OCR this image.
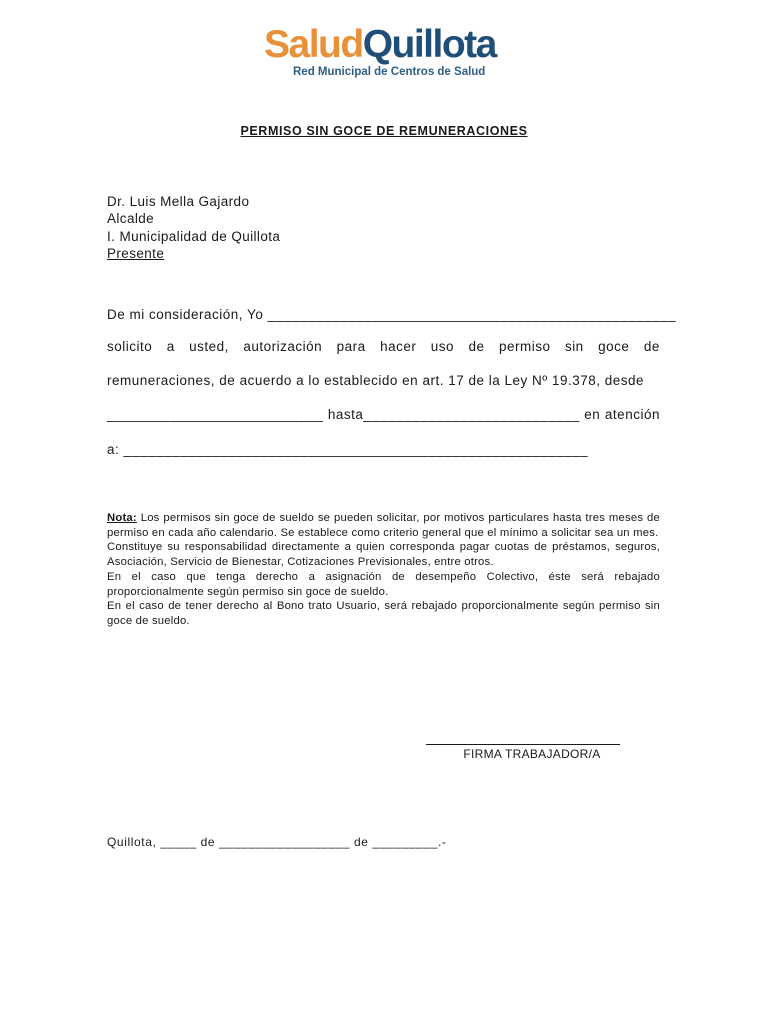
SaludQuillota
Red Municipal de Centros de Salud
PERMISO SIN GOCE DE REMUNERACIONES
Dr. Luis Mella Gajardo
Alcalde
I. Municipalidad de Quillota
Presente
De mi consideración, Yo ___________________________________________________
solicito a usted, autorización para hacer uso de permiso sin goce de
remuneraciones, de acuerdo a lo establecido en art. 17 de la Ley Nº 19.378, desde
___________________________ hasta___________________________ en atención
a: __________________________________________________________

Nota: Los permisos sin goce de sueldo se pueden solicitar, por motivos particulares hasta tres meses de permiso en cada año calendario. Se establece como criterio general que el mínimo a solicitar sea un mes.

Constituye su responsabilidad directamente a quien corresponda pagar cuotas de préstamos, seguros, Asociación, Servicio de Bienestar, Cotizaciones Previsionales, entre otros.

En el caso que tenga derecho a asignación de desempeño Colectivo, éste será rebajado proporcionalmente según permiso sin goce de sueldo.

En el caso de tener derecho al Bono trato Usuario, será rebajado proporcionalmente según permiso sin goce de sueldo.

FIRMA TRABAJADOR/A
Quillota, _____ de __________________ de _________.-
